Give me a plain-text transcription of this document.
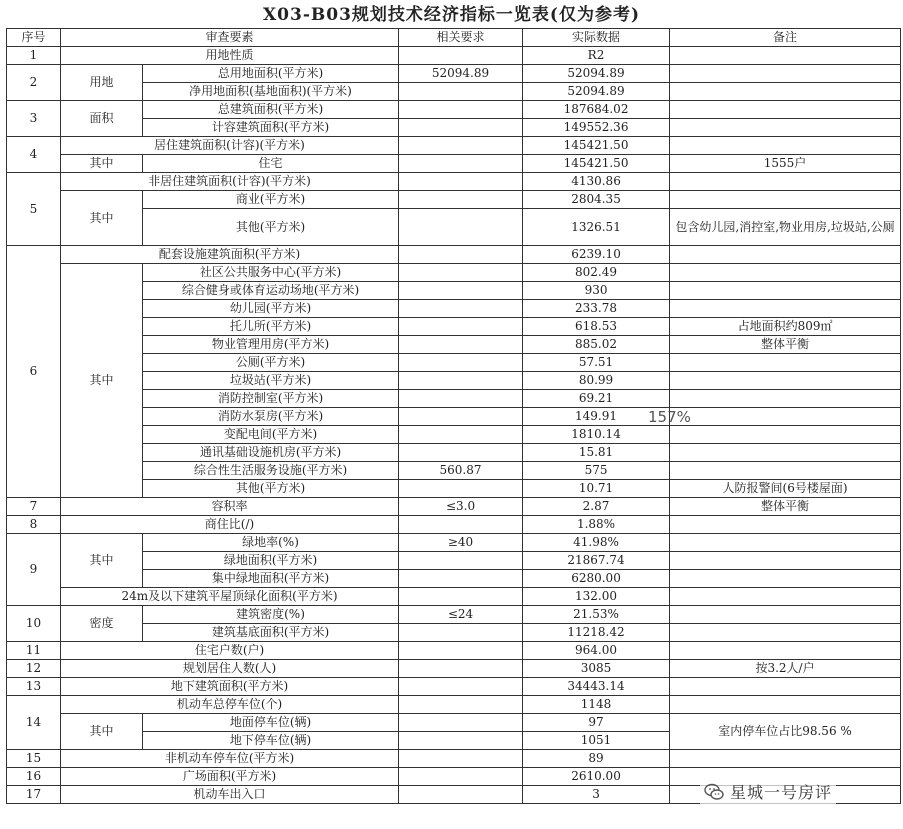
X03-B03规划技术经济指标一览表(仅为参考)
序号	审查要素		相关要求	实际数据	备注
1	用地性质			R2	
2	用地	总用地面积(平方米)	52094.89	52094.89	
		净用地面积(基地面积)(平方米)		52094.89	
3	面积	总建筑面积(平方米)		187684.02	
		计容建筑面积(平方米)		149552.36	
4	居住建筑面积(计容)(平方米)			145421.50	
	其中	住宅		145421.50	1555户
5	非居住建筑面积(计容)(平方米)			4130.86	
	其中	商业(平方米)		2804.35	
		其他(平方米)		1326.51	包含幼儿园,消控室,物业用房,垃圾站,公厕
6	配套设施建筑面积(平方米)			6239.10	
	其中	社区公共服务中心(平方米)		802.49	
		综合健身或体育运动场地(平方米)		930	
		幼儿园(平方米)		233.78	
		托儿所(平方米)		618.53	占地面积约809㎡
		物业管理用房(平方米)		885.02	整体平衡
		公厕(平方米)		57.51	
		垃圾站(平方米)		80.99	
		消防控制室(平方米)		69.21	
		消防水泵房(平方米)		149.91	
		变配电间(平方米)		1810.14	
		通讯基础设施机房(平方米)		15.81	
		综合性生活服务设施(平方米)	560.87	575	
		其他(平方米)		10.71	人防报警间(6号楼屋面)
7	容积率		≤3.0	2.87	整体平衡
8	商住比(/)			1.88%	
9	其中	绿地率(%)	≥40	41.98%	
		绿地面积(平方米)		21867.74	
		集中绿地面积(平方米)		6280.00	
	24m及以下建筑平屋顶绿化面积(平方米)			132.00	
10	密度	建筑密度(%)	≤24	21.53%	
		建筑基底面积(平方米)		11218.42	
11	住宅户数(户)			964.00	
12	规划居住人数(人)			3085	按3.2人/户
13	地下建筑面积(平方米)			34443.14	
14	机动车总停车位(个)			1148	
	其中	地面停车位(辆)		97	室内停车位占比98.56 %
		地下停车位(辆)		1051	
15	非机动车停车位(平方米)			89	
16	广场面积(平方米)			2610.00	
17	机动车出入口			3	
157%
星城一号房评
